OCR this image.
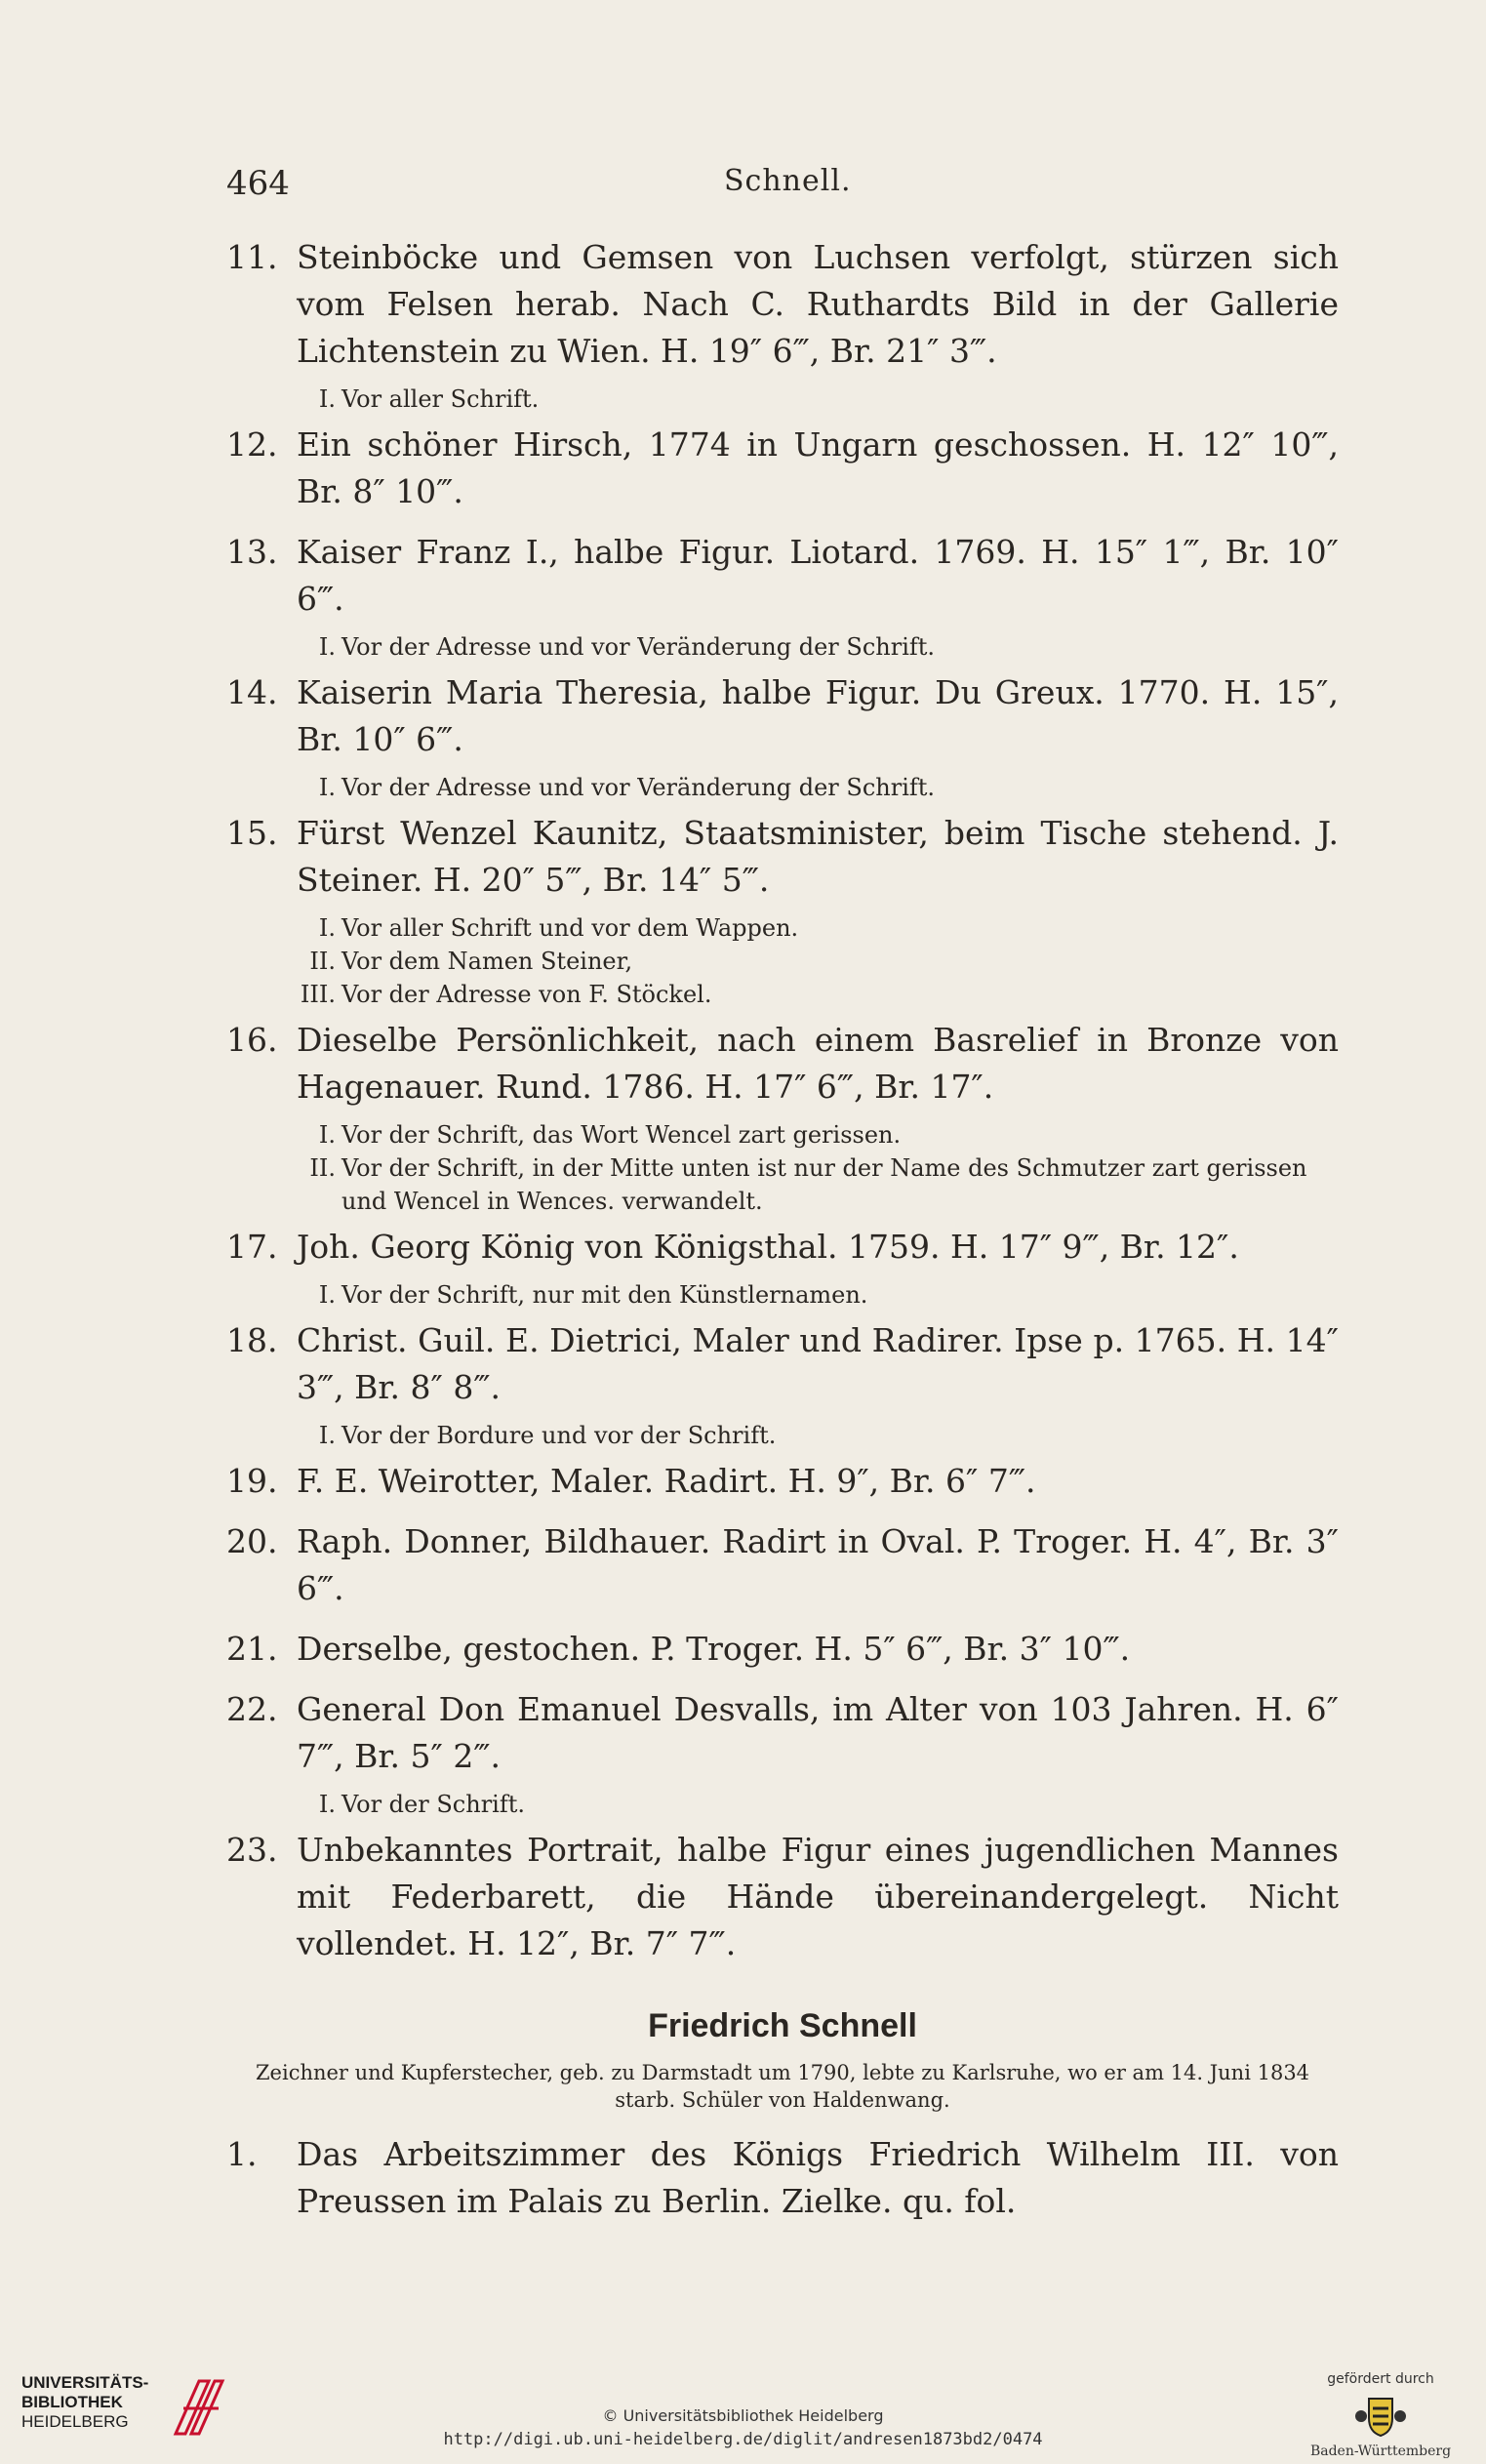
464	Schnell.
11. Steinböcke und Gemsen von Luchsen verfolgt, stürzen sich vom Felsen herab. Nach C. Ruthardts Bild in der Gallerie Lichtenstein zu Wien. H. 19″ 6‴, Br. 21″ 3‴.
I. Vor aller Schrift.
12. Ein schöner Hirsch, 1774 in Ungarn geschossen. H. 12″ 10‴, Br. 8″ 10‴.
13. Kaiser Franz I., halbe Figur. Liotard. 1769. H. 15″ 1‴, Br. 10″ 6‴.
I. Vor der Adresse und vor Veränderung der Schrift.
14. Kaiserin Maria Theresia, halbe Figur. Du Greux. 1770. H. 15″, Br. 10″ 6‴.
I. Vor der Adresse und vor Veränderung der Schrift.
15. Fürst Wenzel Kaunitz, Staatsminister, beim Tische stehend. J. Steiner. H. 20″ 5‴, Br. 14″ 5‴.
I. Vor aller Schrift und vor dem Wappen.
II. Vor dem Namen Steiner,
III. Vor der Adresse von F. Stöckel.
16. Dieselbe Persönlichkeit, nach einem Basrelief in Bronze von Hagenauer. Rund. 1786. H. 17″ 6‴, Br. 17″.
I. Vor der Schrift, das Wort Wencel zart gerissen.
II. Vor der Schrift, in der Mitte unten ist nur der Name des Schmutzer zart gerissen und Wencel in Wences. verwandelt.
17. Joh. Georg König von Königsthal. 1759. H. 17″ 9‴, Br. 12″.
I. Vor der Schrift, nur mit den Künstlernamen.
18. Christ. Guil. E. Dietrici, Maler und Radirer. Ipse p. 1765. H. 14″ 3‴, Br. 8″ 8‴.
I. Vor der Bordure und vor der Schrift.
19. F. E. Weirotter, Maler. Radirt. H. 9″, Br. 6″ 7‴.
20. Raph. Donner, Bildhauer. Radirt in Oval. P. Troger. H. 4″, Br. 3″ 6‴.
21. Derselbe, gestochen. P. Troger. H. 5″ 6‴, Br. 3″ 10‴.
22. General Don Emanuel Desvalls, im Alter von 103 Jahren. H. 6″ 7‴, Br. 5″ 2‴.
I. Vor der Schrift.
23. Unbekanntes Portrait, halbe Figur eines jugendlichen Mannes mit Federbarett, die Hände übereinandergelegt. Nicht vollendet. H. 12″, Br. 7″ 7‴.
Friedrich Schnell
Zeichner und Kupferstecher, geb. zu Darmstadt um 1790, lebte zu Karlsruhe, wo er am 14. Juni 1834 starb. Schüler von Haldenwang.
1.	Das Arbeitszimmer des Königs Friedrich Wilhelm III. von Preussen im Palais zu Berlin. Zielke. qu. fol.
UNIVERSITÄTS-
BIBLIOTHEK
HEIDELBERG	© Universitätsbibliothek Heidelberg
http://digi.ub.uni-heidelberg.de/diglit/andresen1873bd2/0474
gefördert durch
Baden-Württemberg
